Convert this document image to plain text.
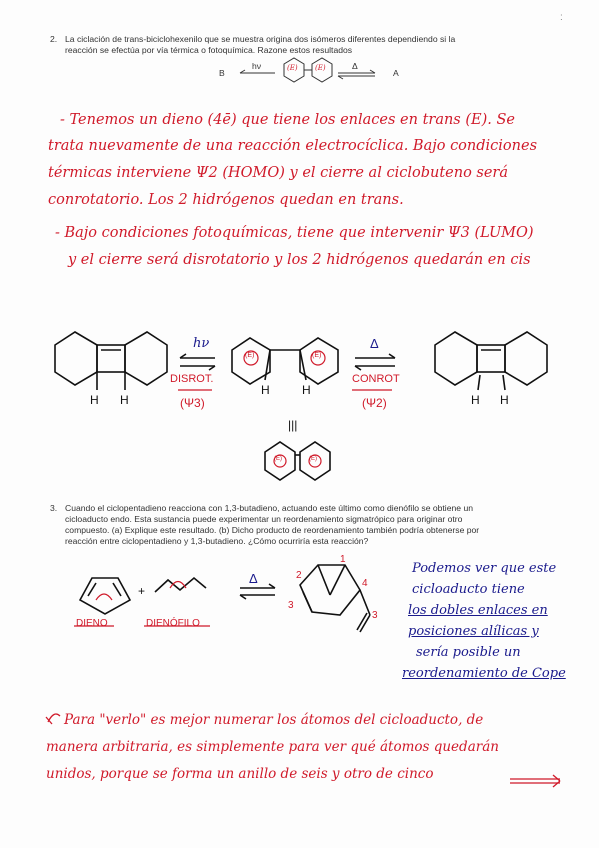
:
2. La ciclación de trans-biciclohexenilo que se muestra origina dos isómeros diferentes dependiendo si la
reacción se efectúa por vía térmica o fotoquímica. Razone estos resultados
B
hν	Δ
A
(E) (E)
- Tenemos un dieno (4ē) que tiene los enlaces en trans (E). Se
trata nuevamente de una reacción electrocíclica. Bajo condiciones
térmicas interviene Ψ2 (HOMO) y el cierre al ciclobuteno será
conrotatorio. Los 2 hidrógenos quedan en trans.
- Bajo condiciones fotoquímicas, tiene que intervenir Ψ3 (LUMO)
y el cierre será disrotatorio y los 2 hidrógenos quedarán en cis
hν
DISROT.
(Ψ3)
Δ
CONROT
(Ψ2)
(E)	(E)
H H
H	H
H H
|||
(E)	(E)
3. Cuando el ciclopentadieno reacciona con 1,3-butadieno, actuando este último como dienófilo se obtiene un
cicloaducto endo. Esta sustancia puede experimentar un reordenamiento sigmatrópico para originar otro
compuesto. (a) Explique este resultado. (b) Dicho producto de reordenamiento también podría obtenerse por
reacción entre ciclopentadieno y 1,3-butadieno. ¿Cómo ocurriría esta reacción?
DIENO	DIENÓFILO
Δ
+
2
1
4
3
3
Podemos ver que este
cicloaducto tiene
los dobles enlaces en
posiciones alílicas y
sería posible un
reordenamiento de Cope
Para "verlo" es mejor numerar los átomos del cicloaducto, de
manera arbitraria, es simplemente para ver qué átomos quedarán
unidos, porque se forma un anillo de seis y otro de cinco
